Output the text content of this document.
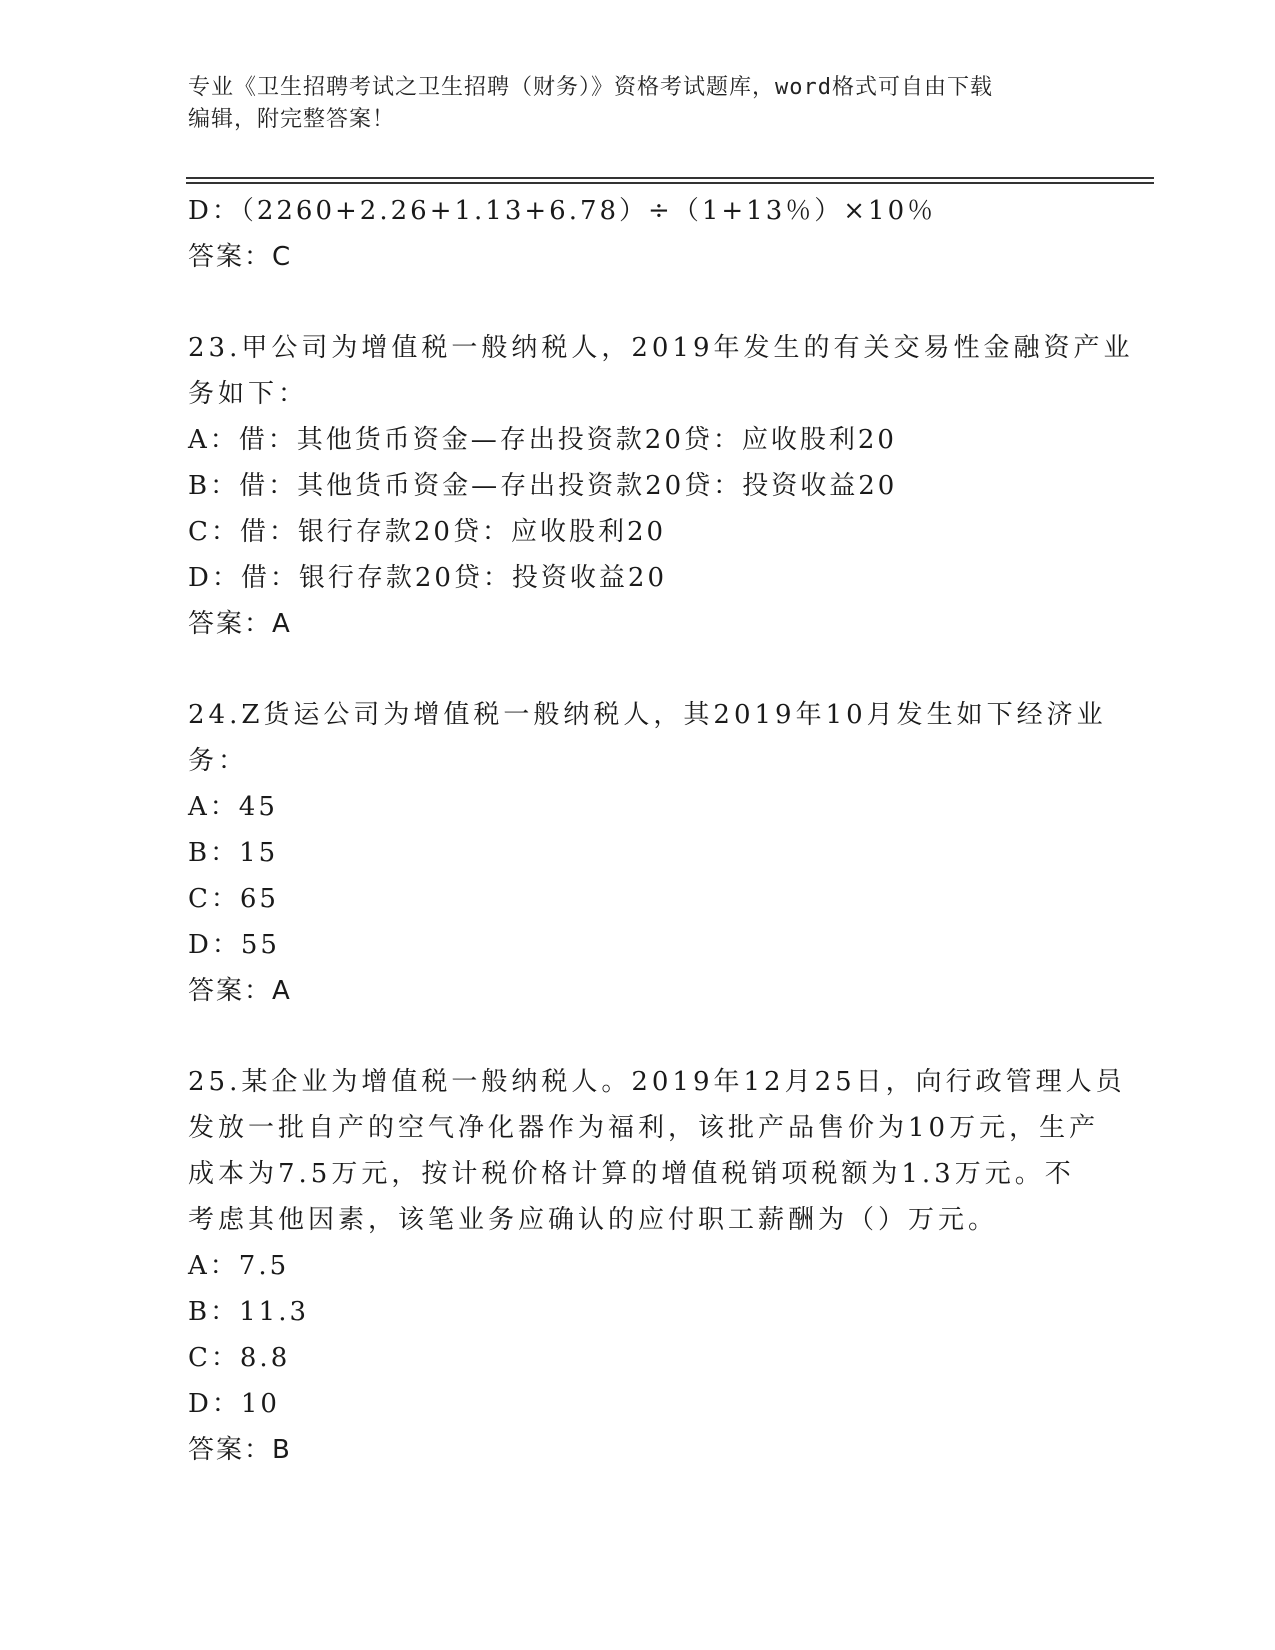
专业《卫生招聘考试之卫生招聘（财务）》资格考试题库，word格式可自由下载
编辑，附完整答案！
D：（2260+2.26+1.13+6.78）÷（1+13％）×10％
答案：C
23.甲公司为增值税一般纳税人，2019年发生的有关交易性金融资产业
务如下：
A：借：其他货币资金—存出投资款20贷：应收股利20
B：借：其他货币资金—存出投资款20贷：投资收益20
C：借：银行存款20贷：应收股利20
D：借：银行存款20贷：投资收益20
答案：A
24.Z货运公司为增值税一般纳税人，其2019年10月发生如下经济业
务：
A：45
B：15
C：65
D：55
答案：A
25.某企业为增值税一般纳税人。2019年12月25日，向行政管理人员
发放一批自产的空气净化器作为福利，该批产品售价为10万元，生产
成本为7.5万元，按计税价格计算的增值税销项税额为1.3万元。不
考虑其他因素，该笔业务应确认的应付职工薪酬为（）万元。
A：7.5
B：11.3
C：8.8
D：10
答案：B
